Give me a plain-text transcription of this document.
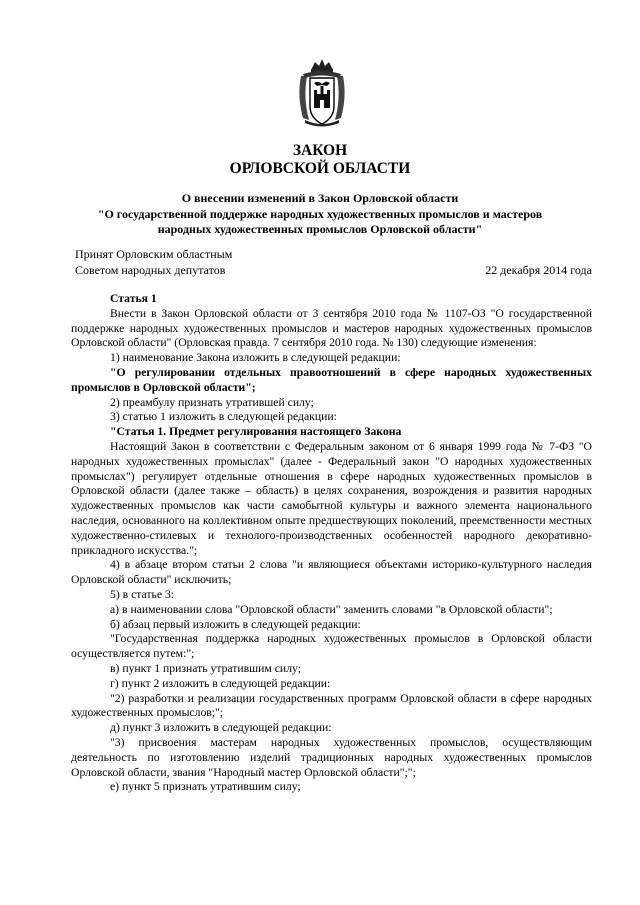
ЗАКОН
ОРЛОВСКОЙ ОБЛАСТИ
О внесении изменений в Закон Орловской области
"О государственной поддержке народных художественных промыслов и мастеров
народных художественных промыслов Орловской области"
Принят Орловским областным
Советом народных депутатов	22 декабря 2014 года

Статья 1

Внести в Закон Орловской области от 3 сентября 2010 года № 1107-ОЗ "О государственной поддержке народных художественных промыслов и мастеров народных художественных промыслов Орловской области" (Орловская правда. 7 сентября 2010 года. № 130) следующие изменения:

1) наименование Закона изложить в следующей редакции:

"О регулировании отдельных правоотношений в сфере народных художественных промыслов в Орловской области";

2) преамбулу признать утратившей силу;

3) статью 1 изложить в следующей редакции:

"Статья 1. Предмет регулирования настоящего Закона

Настоящий Закон в соответствии с Федеральным законом от 6 января 1999 года № 7-ФЗ "О народных художественных промыслах" (далее - Федеральный закон "О народных художественных промыслах") регулирует отдельные отношения в сфере народных художественных промыслов в Орловской области (далее также – область) в целях сохранения, возрождения и развития народных художественных промыслов как части самобытной культуры и важного элемента национального наследия, основанного на коллективном опыте предшествующих поколений, преемственности местных художественно-стилевых и технолого-производственных особенностей народного декоративно-прикладного искусства.";

4) в абзаце втором статьи 2 слова "и являющиеся объектами историко-культурного наследия Орловской области" исключить;

5) в статье 3:

а) в наименовании слова "Орловской области" заменить словами "в Орловской области";

б) абзац первый изложить в следующей редакции:

"Государственная поддержка народных художественных промыслов в Орловской области осуществляется путем:";

в) пункт 1 признать утратившим силу;

г) пункт 2 изложить в следующей редакции:

"2) разработки и реализации государственных программ Орловской области в сфере народных художественных промыслов;";

д) пункт 3 изложить в следующей редакции:

"3) присвоения мастерам народных художественных промыслов, осуществляющим деятельность по изготовлению изделий традиционных народных художественных промыслов Орловской области, звания "Народный мастер Орловской области";";

е) пункт 5 признать утратившим силу;
